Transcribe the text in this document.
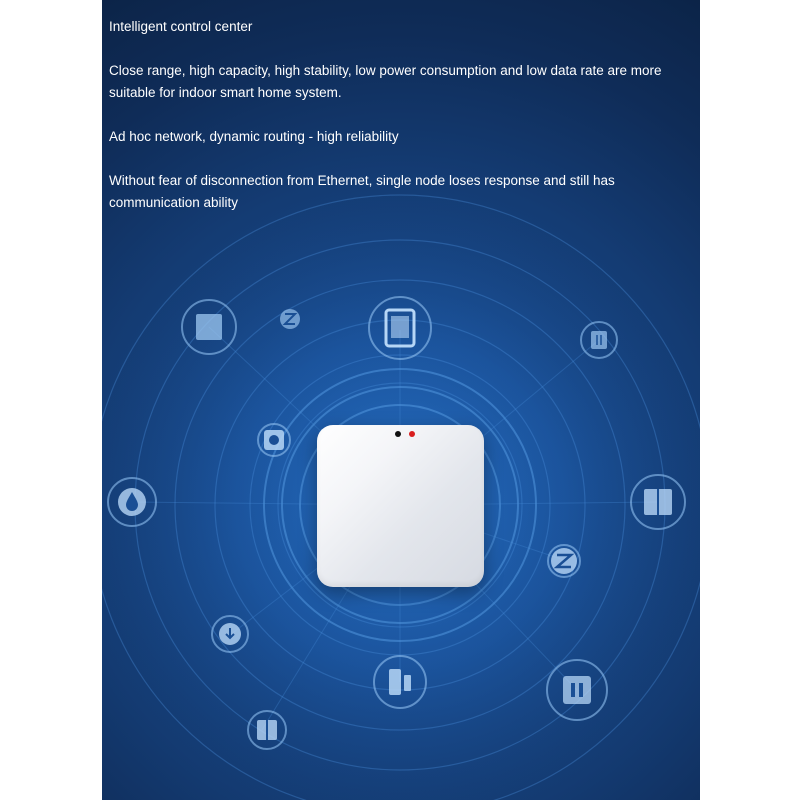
Intelligent control center

Close range, high capacity, high stability, low power consumption and low data rate are more suitable for indoor smart home system.

Ad hoc network, dynamic routing - high reliability

Without fear of disconnection from Ethernet, single node loses response and still has communication ability
